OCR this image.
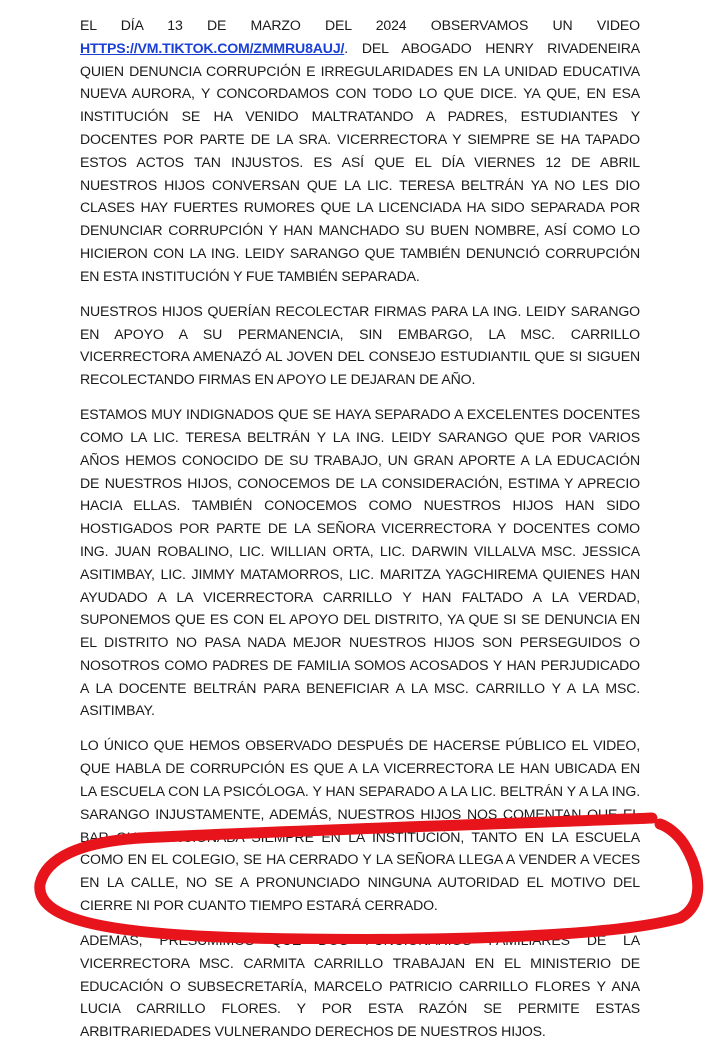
EL DÍA 13 DE MARZO DEL 2024 OBSERVAMOS UN VIDEO HTTPS://VM.TIKTOK.COM/ZMMRU8AUJ/. DEL ABOGADO HENRY RIVADENEIRA QUIEN DENUNCIA CORRUPCIÓN E IRREGULARIDADES EN LA UNIDAD EDUCATIVA NUEVA AURORA, Y CONCORDAMOS CON TODO LO QUE DICE. YA QUE, EN ESA INSTITUCIÓN SE HA VENIDO MALTRATANDO A PADRES, ESTUDIANTES Y DOCENTES POR PARTE DE LA SRA. VICERRECTORA Y SIEMPRE SE HA TAPADO ESTOS ACTOS TAN INJUSTOS. ES ASÍ QUE EL DÍA VIERNES 12 DE ABRIL NUESTROS HIJOS CONVERSAN QUE LA LIC. TERESA BELTRÁN YA NO LES DIO CLASES HAY FUERTES RUMORES QUE LA LICENCIADA HA SIDO SEPARADA POR DENUNCIAR CORRUPCIÓN Y HAN MANCHADO SU BUEN NOMBRE, ASÍ COMO LO HICIERON CON LA ING. LEIDY SARANGO QUE TAMBIÉN DENUNCIÓ CORRUPCIÓN EN ESTA INSTITUCIÓN Y FUE TAMBIÉN SEPARADA.

NUESTROS HIJOS QUERÍAN RECOLECTAR FIRMAS PARA LA ING. LEIDY SARANGO EN APOYO A SU PERMANENCIA, SIN EMBARGO, LA MSC. CARRILLO VICERRECTORA AMENAZÓ AL JOVEN DEL CONSEJO ESTUDIANTIL QUE SI SIGUEN RECOLECTANDO FIRMAS EN APOYO LE DEJARAN DE AÑO.

ESTAMOS MUY INDIGNADOS QUE SE HAYA SEPARADO A EXCELENTES DOCENTES COMO LA LIC. TERESA BELTRÁN Y LA ING. LEIDY SARANGO QUE POR VARIOS AÑOS HEMOS CONOCIDO DE SU TRABAJO, UN GRAN APORTE A LA EDUCACIÓN DE NUESTROS HIJOS, CONOCEMOS DE LA CONSIDERACIÓN, ESTIMA Y APRECIO HACIA ELLAS. TAMBIÉN CONOCEMOS COMO NUESTROS HIJOS HAN SIDO HOSTIGADOS POR PARTE DE LA SEÑORA VICERRECTORA Y DOCENTES COMO ING. JUAN ROBALINO, LIC. WILLIAN ORTA, LIC. DARWIN VILLALVA MSC. JESSICA ASITIMBAY, LIC. JIMMY MATAMORROS, LIC. MARITZA YAGCHIREMA QUIENES HAN AYUDADO A LA VICERRECTORA CARRILLO Y HAN FALTADO A LA VERDAD, SUPONEMOS QUE ES CON EL APOYO DEL DISTRITO, YA QUE SI SE DENUNCIA EN EL DISTRITO NO PASA NADA MEJOR NUESTROS HIJOS SON PERSEGUIDOS O NOSOTROS COMO PADRES DE FAMILIA SOMOS ACOSADOS Y HAN PERJUDICADO A LA DOCENTE BELTRÁN PARA BENEFICIAR A LA MSC. CARRILLO Y A LA MSC. ASITIMBAY.

LO ÚNICO QUE HEMOS OBSERVADO DESPUÉS DE HACERSE PÚBLICO EL VIDEO, QUE HABLA DE CORRUPCIÓN ES QUE A LA VICERRECTORA LE HAN UBICADA EN LA ESCUELA CON LA PSICÓLOGA. Y HAN SEPARADO A LA LIC. BELTRÁN Y A LA ING. SARANGO INJUSTAMENTE, ADEMÁS, NUESTROS HIJOS NOS COMENTAN QUE EL BAR QUE FUNCIONABA SIEMPRE EN LA INSTITUCIÓN, TANTO EN LA ESCUELA COMO EN EL COLEGIO, SE HA CERRADO Y LA SEÑORA LLEGA A VENDER A VECES EN LA CALLE, NO SE A PRONUNCIADO NINGUNA AUTORIDAD EL MOTIVO DEL CIERRE NI POR CUANTO TIEMPO ESTARÁ CERRADO.

ADEMÁS, PRESUMIMOS QUE DOS FUNCIONARIOS FAMILIARES DE LA VICERRECTORA MSC. CARMITA CARRILLO TRABAJAN EN EL MINISTERIO DE EDUCACIÓN O SUBSECRETARÍA, MARCELO PATRICIO CARRILLO FLORES Y ANA LUCIA CARRILLO FLORES. Y POR ESTA RAZÓN SE PERMITE ESTAS ARBITRARIEDADES VULNERANDO DERECHOS DE NUESTROS HIJOS.
